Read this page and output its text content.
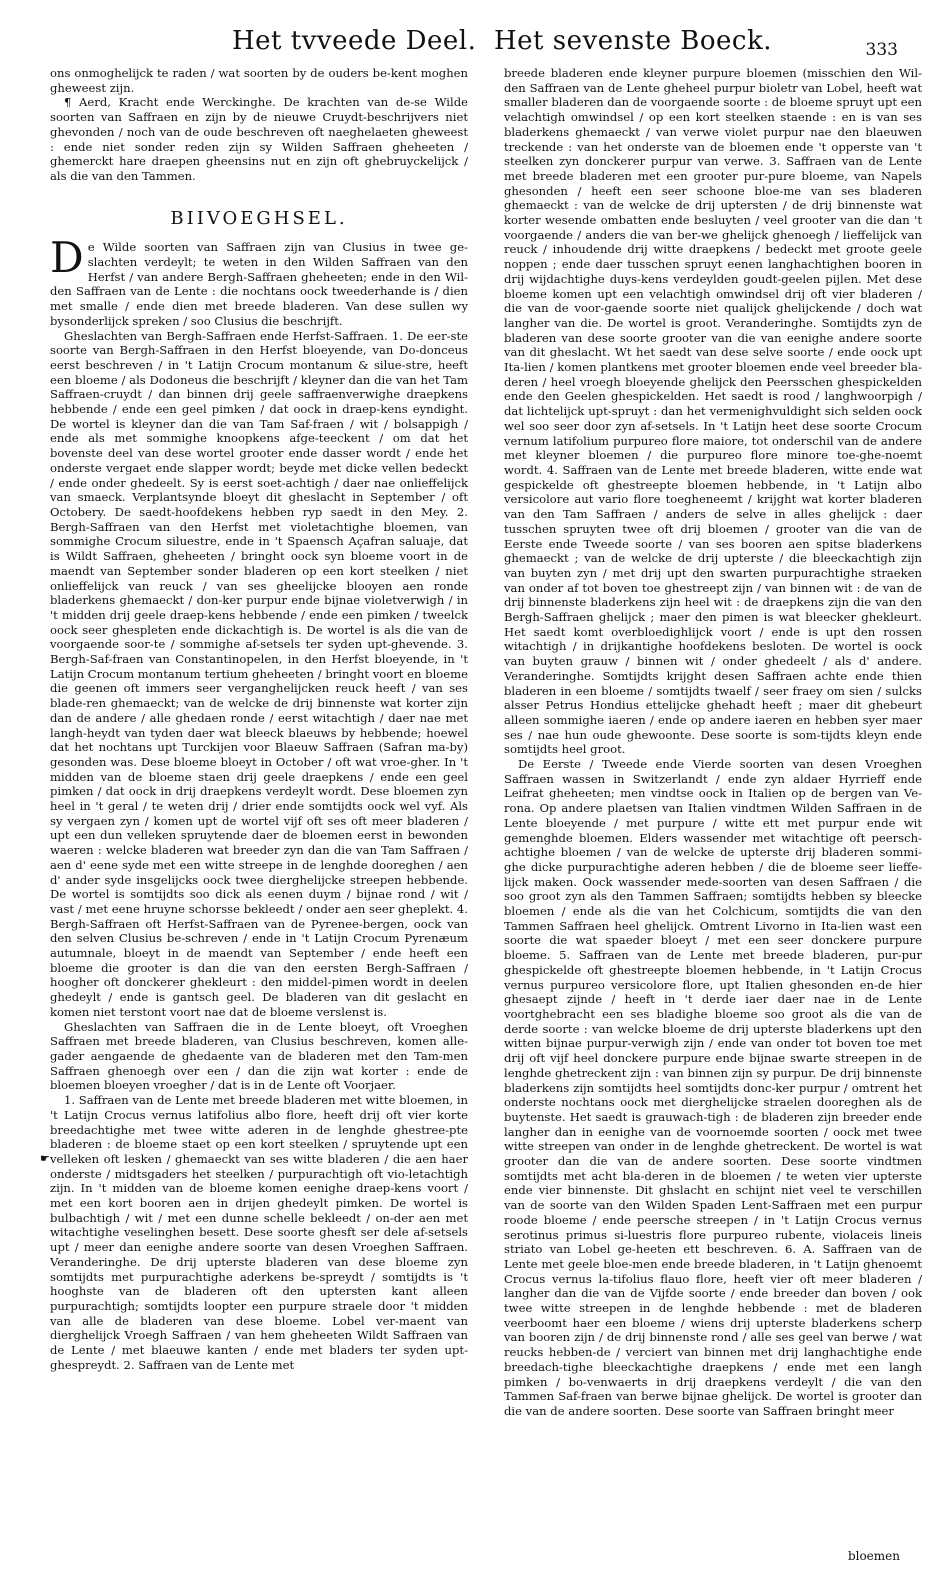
Het tvveede Deel. Het sevenste Boeck.	333

ons onmoghelijck te raden / wat soorten by de ouders be-kent moghen gheweest zijn.

¶ Aerd, Kracht ende Werckinghe. De krachten van de-se Wilde soorten van Saffraen en zijn by de nieuwe Cruydt-beschrijvers niet ghevonden / noch van de oude beschreven oft naeghelaeten gheweest : ende niet sonder reden zijn sy Wilden Saffraen gheheeten / ghemerckt hare draepen gheensins nut en zijn oft ghebruyckelijck / als die van den Tammen.

BIIVOEGHSEL.

De Wilde soorten van Saffraen zijn van Clusius in twee ge-slachten verdeylt; te weten in den Wilden Saffraen van den Herfst / van andere Bergh-Saffraen gheheeten; ende in den Wil-den Saffraen van de Lente : die nochtans oock tweederhande is / dien met smalle / ende dien met breede bladeren. Van dese sullen wy bysonderlijck spreken / soo Clusius die beschrijft.

Gheslachten van Bergh-Saffraen ende Herfst-Saffraen. 1. De eer-ste soorte van Bergh-Saffraen in den Herfst bloeyende, van Do-donceus eerst beschreven / in 't Latijn Crocum montanum & silue-stre, heeft een bloeme / als Dodoneus die beschrijft / kleyner dan die van het Tam Saffraen-cruydt / dan binnen drij geele saffraenverwighe draepkens hebbende / ende een geel pimken / dat oock in draep-kens eyndight. De wortel is kleyner dan die van Tam Saf-fraen / wit / bolsappigh / ende als met sommighe knoopkens afge-teeckent / om dat het bovenste deel van dese wortel grooter ende dasser wordt / ende het onderste vergaet ende slapper wordt; beyde met dicke vellen bedeckt / ende onder ghedeelt. Sy is eerst soet-achtigh / daer nae onlieffelijck van smaeck. Verplantsynde bloeyt dit gheslacht in September / oft Octobery. De saedt-hoofdekens hebben ryp saedt in den Mey. 2. Bergh-Saffraen van den Herfst met violetachtighe bloemen, van sommighe Crocum siluestre, ende in 't Spaensch Açafran saluaje, dat is Wildt Saffraen, gheheeten / bringht oock syn bloeme voort in de maendt van September sonder bladeren op een kort steelken / niet onlieffelijck van reuck / van ses gheelijcke blooyen aen ronde bladerkens ghemaeckt / don-ker purpur ende bijnae violetverwigh / in 't midden drij geele draep-kens hebbende / ende een pimken / tweelck oock seer ghespleten ende dickachtigh is. De wortel is als die van de voorgaende soor-te / sommighe af-setsels ter syden upt-ghevende. 3. Bergh-Saf-fraen van Constantinopelen, in den Herfst bloeyende, in 't Latijn Crocum montanum tertium gheheeten / bringht voort en bloeme die geenen oft immers seer verganghelijcken reuck heeft / van ses blade-ren ghemaeckt; van de welcke de drij binnenste wat korter zijn dan de andere / alle ghedaen ronde / eerst witachtigh / daer nae met langh-heydt van tyden daer wat bleeck blaeuws by hebbende; hoewel dat het nochtans upt Turckijen voor Blaeuw Saffraen (Safran ma-by) gesonden was. Dese bloeme bloeyt in October / oft wat vroe-gher. In 't midden van de bloeme staen drij geele draepkens / ende een geel pimken / dat oock in drij draepkens verdeylt wordt. Dese bloemen zyn heel in 't geral / te weten drij / drier ende somtijdts oock wel vyf. Als sy vergaen zyn / komen upt de wortel vijf oft ses oft meer bladeren / upt een dun velleken spruytende daer de bloemen eerst in bewonden waeren : welcke bladeren wat breeder zyn dan die van Tam Saffraen / aen d' eene syde met een witte streepe in de lenghde dooreghen / aen d' ander syde insgelijcks oock twee dierghelijcke streepen hebbende. De wortel is somtijdts soo dick als eenen duym / bijnae rond / wit / vast / met eene hruyne schorsse bekleedt / onder aen seer gheplekt. 4. Bergh-Saffraen oft Herfst-Saffraen van de Pyrenee-bergen, oock van den selven Clusius be-schreven / ende in 't Latijn Crocum Pyrenæum autumnale, bloeyt in de maendt van September / ende heeft een bloeme die grooter is dan die van den eersten Bergh-Saffraen / hoogher oft donckerer ghekleurt : den middel-pimen wordt in deelen ghedeylt / ende is gantsch geel. De bladeren van dit geslacht en komen niet terstont voort nae dat de bloeme verslenst is.

Gheslachten van Saffraen die in de Lente bloeyt, oft Vroeghen Saffraen met breede bladeren, van Clusius beschreven, komen alle-gader aengaende de ghedaente van de bladeren met den Tam-men Saffraen ghenoegh over een / dan die zijn wat korter : ende de bloemen bloeyen vroegher / dat is in de Lente oft Voorjaer.

1. Saffraen van de Lente met breede bladeren met witte bloemen, in 't Latijn Crocus vernus latifolius albo flore, heeft drij oft vier korte breedachtighe met twee witte aderen in de lenghde ghestree-pte bladeren : de bloeme staet op een kort steelken / spruytende upt een velleken oft lesken / ghemaeckt van ses witte bladeren / die aen haer onderste / midtsgaders het steelken / purpurachtigh oft vio-letachtigh zijn. In 't midden van de bloeme komen eenighe draep-kens voort / met een kort booren aen in drijen ghedeylt pimken. De wortel is bulbachtigh / wit / met een dunne schelle bekleedt / on-der aen met witachtighe veselinghen besett. Dese soorte ghesft ser dele af-setsels upt / meer dan eenighe andere soorte van desen Vroeghen Saffraen. Veranderinghe. De drij upterste bladeren van dese bloeme zyn somtijdts met purpurachtighe aderkens be-spreydt / somtijdts is 't hooghste van de bladeren oft den uptersten kant alleen purpurachtigh; somtijdts loopter een purpure straele door 't midden van alle de bladeren van dese bloeme. Lobel ver-maent van dierghelijck Vroegh Saffraen / van hem gheheeten Wildt Saffraen van de Lente / met blaeuwe kanten / ende met bladers ter syden upt-ghespreydt. 2. Saffraen van de Lente met

☛

breede bladeren ende kleyner purpure bloemen (misschien den Wil-den Saffraen van de Lente gheheel purpur bioletr van Lobel, heeft wat smaller bladeren dan de voorgaende soorte : de bloeme spruyt upt een velachtigh omwindsel / op een kort steelken staende : en is van ses bladerkens ghemaeckt / van verwe violet purpur nae den blaeuwen treckende : van het onderste van de bloemen ende 't opperste van 't steelken zyn donckerer purpur van verwe. 3. Saffraen van de Lente met breede bladeren met een grooter pur-pure bloeme, van Napels ghesonden / heeft een seer schoone bloe-me van ses bladeren ghemaeckt : van de welcke de drij uptersten / de drij binnenste wat korter wesende ombatten ende besluyten / veel grooter van die dan 't voorgaende / anders die van ber-we ghelijck ghenoegh / lieffelijck van reuck / inhoudende drij witte draepkens / bedeckt met groote geele noppen ; ende daer tusschen spruyt eenen langhachtighen booren in drij wijdachtighe duys-kens verdeylden goudt-geelen pijlen. Met dese bloeme komen upt een velachtigh omwindsel drij oft vier bladeren / die van de voor-gaende soorte niet qualijck ghelijckende / doch wat langher van die. De wortel is groot. Veranderinghe. Somtijdts zyn de bladeren van dese soorte grooter van die van eenighe andere soorte van dit gheslacht. Wt het saedt van dese selve soorte / ende oock upt Ita-lien / komen plantkens met grooter bloemen ende veel breeder bla-deren / heel vroegh bloeyende ghelijck den Peersschen ghespickelden ende den Geelen ghespickelden. Het saedt is rood / langhwoorpigh / dat lichtelijck upt-spruyt : dan het vermenighvuldight sich selden oock wel soo seer door zyn af-setsels. In 't Latijn heet dese soorte Crocum vernum latifolium purpureo flore maiore, tot onderschil van de andere met kleyner bloemen / die purpureo flore minore toe-ghe-noemt wordt. 4. Saffraen van de Lente met breede bladeren, witte ende wat gespickelde oft ghestreepte bloemen hebbende, in 't Latijn albo versicolore aut vario flore toegheneemt / krijght wat korter bladeren van den Tam Saffraen / anders de selve in alles ghelijck : daer tusschen spruyten twee oft drij bloemen / grooter van die van de Eerste ende Tweede soorte / van ses booren aen spitse bladerkens ghemaeckt ; van de welcke de drij upterste / die bleeckachtigh zijn van buyten zyn / met drij upt den swarten purpurachtighe straeken van onder af tot boven toe ghestreept zijn / van binnen wit : de van de drij binnenste bladerkens zijn heel wit : de draepkens zijn die van den Bergh-Saffraen ghelijck ; maer den pimen is wat bleecker ghekleurt. Het saedt komt overbloedighlijck voort / ende is upt den rossen witachtigh / in drijkantighe hoofdekens besloten. De wortel is oock van buyten grauw / binnen wit / onder ghedeelt / als d' andere. Veranderinghe. Somtijdts krijght desen Saffraen achte ende thien bladeren in een bloeme / somtijdts twaelf / seer fraey om sien / sulcks alsser Petrus Hondius ettelijcke ghehadt heeft ; maer dit ghebeurt alleen sommighe iaeren / ende op andere iaeren en hebben syer maer ses / nae hun oude ghewoonte. Dese soorte is som-tijdts kleyn ende somtijdts heel groot.

De Eerste / Tweede ende Vierde soorten van desen Vroeghen Saffraen wassen in Switzerlandt / ende zyn aldaer Hyrrieff ende Leifrat gheheeten; men vindtse oock in Italien op de bergen van Ve-rona. Op andere plaetsen van Italien vindtmen Wilden Saffraen in de Lente bloeyende / met purpure / witte ett met purpur ende wit gemenghde bloemen. Elders wassender met witachtige oft peersch-achtighe bloemen / van de welcke de upterste drij bladeren sommi-ghe dicke purpurachtighe aderen hebben / die de bloeme seer lieffe-lijck maken. Oock wassender mede-soorten van desen Saffraen / die soo groot zyn als den Tammen Saffraen; somtijdts hebben sy bleecke bloemen / ende als die van het Colchicum, somtijdts die van den Tammen Saffraen heel ghelijck. Omtrent Livorno in Ita-lien wast een soorte die wat spaeder bloeyt / met een seer donckere purpure bloeme. 5. Saffraen van de Lente met breede bladeren, pur-pur ghespickelde oft ghestreepte bloemen hebbende, in 't Latijn Crocus vernus purpureo versicolore flore, upt Italien ghesonden en-de hier ghesaept zijnde / heeft in 't derde iaer daer nae in de Lente voortghebracht een ses bladighe bloeme soo groot als die van de derde soorte : van welcke bloeme de drij upterste bladerkens upt den witten bijnae purpur-verwigh zijn / ende van onder tot boven toe met drij oft vijf heel donckere purpure ende bijnae swarte streepen in de lenghde ghetreckent zijn : van binnen zijn sy purpur. De drij binnenste bladerkens zijn somtijdts heel somtijdts donc-ker purpur / omtrent het onderste nochtans oock met dierghelijcke straelen dooreghen als de buytenste. Het saedt is grauwach-tigh : de bladeren zijn breeder ende langher dan in eenighe van de voornoemde soorten / oock met twee witte streepen van onder in de lenghde ghetreckent. De wortel is wat grooter dan die van de andere soorten. Dese soorte vindtmen somtijdts met acht bla-deren in de bloemen / te weten vier upterste ende vier binnenste. Dit ghslacht en schijnt niet veel te verschillen van de soorte van den Wilden Spaden Lent-Saffraen met een purpur roode bloeme / ende peersche streepen / in 't Latijn Crocus vernus serotinus primus si-luestris flore purpureo rubente, violaceis lineis striato van Lobel ge-heeten ett beschreven. 6. A. Saffraen van de Lente met geele bloe-men ende breede bladeren, in 't Latijn ghenoemt Crocus vernus la-tifolius flauo flore, heeft vier oft meer bladeren / langher dan die van de Vijfde soorte / ende breeder dan boven / ook twee witte streepen in de lenghde hebbende : met de bladeren veerboomt haer een bloeme / wiens drij upterste bladerkens scherp van booren zijn / de drij binnenste rond / alle ses geel van berwe / wat reucks hebben-de / verciert van binnen met drij langhachtighe ende breedach-tighe bleeckachtighe draepkens / ende met een langh pimken / bo-venwaerts in drij draepkens verdeylt / die van den Tammen Saf-fraen van berwe bijnae ghelijck. De wortel is grooter dan die van de andere soorten. Dese soorte van Saffraen bringht meer

bloemen
